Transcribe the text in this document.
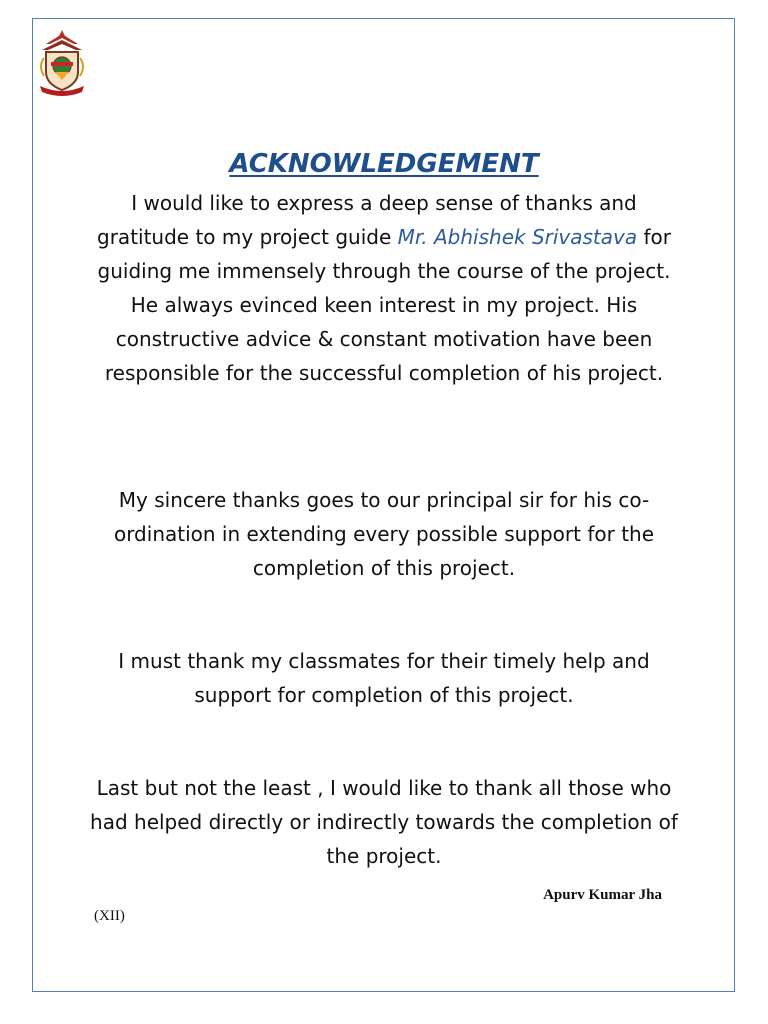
ACKNOWLEDGEMENT

I would like to express a deep sense of thanks and gratitude to my project guide Mr. Abhishek Srivastava for guiding me immensely through the course of the project. He always evinced keen interest in my project. His constructive advice & constant motivation have been responsible for the successful completion of his project.

My sincere thanks goes to our principal sir for his co-ordination in extending every possible support for the completion of this project.

I must thank my classmates for their timely help and support for completion of this project.

Last but not the least , I would like to thank all those who had helped directly or indirectly towards the completion of the project.

Apurv Kumar Jha
(XII)
